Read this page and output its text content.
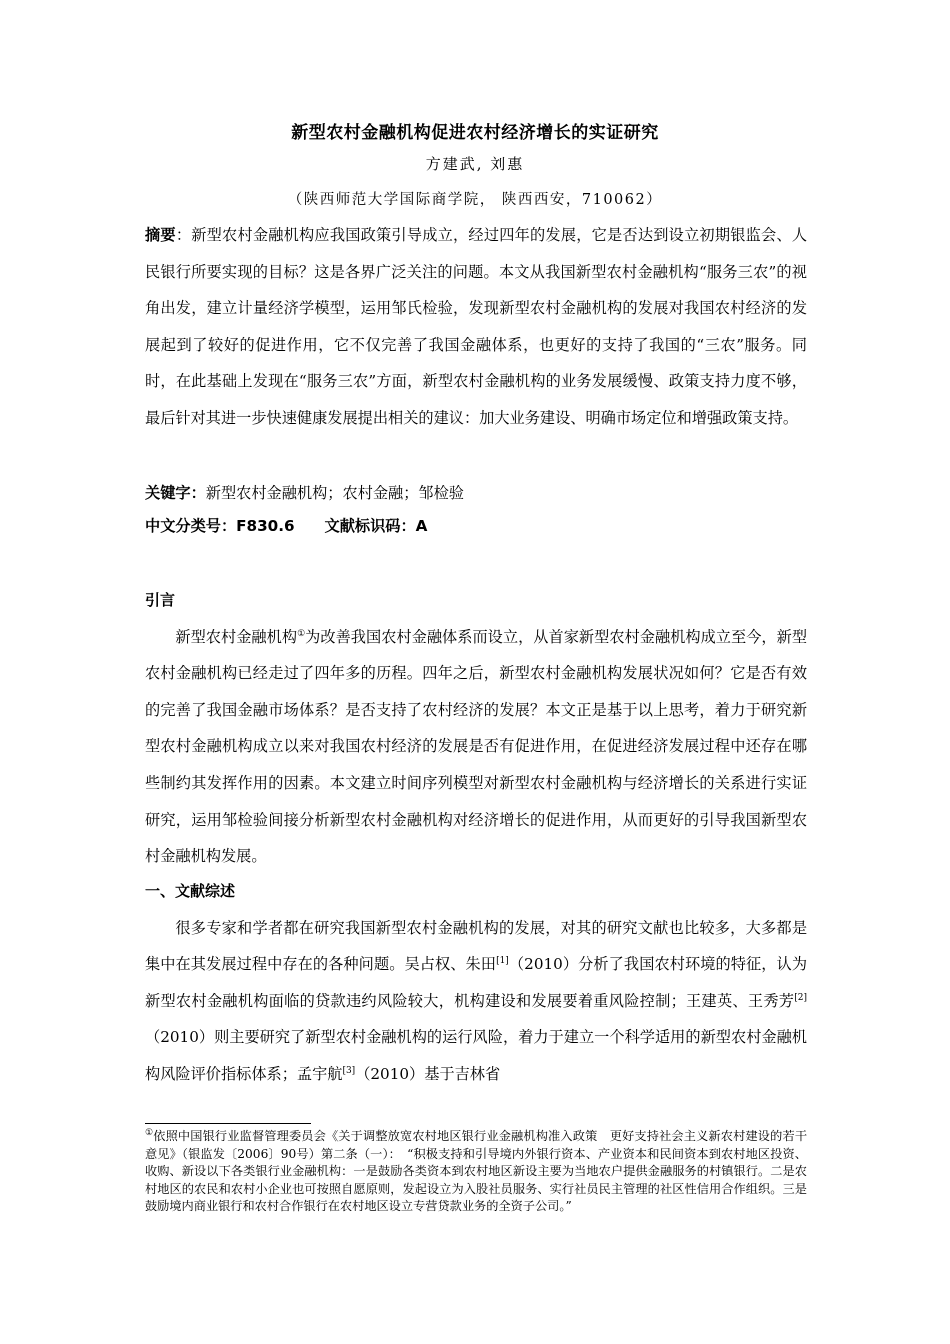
新型农村金融机构促进农村经济增长的实证研究
方建武, 刘惠
（陕西师范大学国际商学院， 陕西西安，710062）

摘要：新型农村金融机构应我国政策引导成立，经过四年的发展，它是否达到设立初期银监会、人民银行所要实现的目标？这是各界广泛关注的问题。本文从我国新型农村金融机构“服务三农”的视角出发，建立计量经济学模型，运用邹氏检验，发现新型农村金融机构的发展对我国农村经济的发展起到了较好的促进作用，它不仅完善了我国金融体系，也更好的支持了我国的“三农”服务。同时，在此基础上发现在“服务三农”方面，新型农村金融机构的业务发展缓慢、政策支持力度不够，最后针对其进一步快速健康发展提出相关的建议：加大业务建设、明确市场定位和增强政策支持。

关键字：新型农村金融机构；农村金融；邹检验

中文分类号：F830.6 文献标识码：A

引言

新型农村金融机构①为改善我国农村金融体系而设立，从首家新型农村金融机构成立至今，新型农村金融机构已经走过了四年多的历程。四年之后，新型农村金融机构发展状况如何？它是否有效的完善了我国金融市场体系？是否支持了农村经济的发展？本文正是基于以上思考，着力于研究新型农村金融机构成立以来对我国农村经济的发展是否有促进作用，在促进经济发展过程中还存在哪些制约其发挥作用的因素。本文建立时间序列模型对新型农村金融机构与经济增长的关系进行实证研究，运用邹检验间接分析新型农村金融机构对经济增长的促进作用，从而更好的引导我国新型农村金融机构发展。

一、文献综述

很多专家和学者都在研究我国新型农村金融机构的发展，对其的研究文献也比较多，大多都是集中在其发展过程中存在的各种问题。吴占权、朱田[1]（2010）分析了我国农村环境的特征，认为新型农村金融机构面临的贷款违约风险较大，机构建设和发展要着重风险控制；王建英、王秀芳[2]（2010）则主要研究了新型农村金融机构的运行风险，着力于建立一个科学适用的新型农村金融机构风险评价指标体系；孟宇航[3]（2010）基于吉林省

①依照中国银行业监督管理委员会《关于调整放宽农村地区银行业金融机构准入政策　更好支持社会主义新农村建设的若干意见》（银监发〔2006〕90号）第二条（一）：　“积极支持和引导境内外银行资本、产业资本和民间资本到农村地区投资、收购、新设以下各类银行业金融机构：一是鼓励各类资本到农村地区新设主要为当地农户提供金融服务的村镇银行。二是农村地区的农民和农村小企业也可按照自愿原则，发起设立为入股社员服务、实行社员民主管理的社区性信用合作组织。三是鼓励境内商业银行和农村合作银行在农村地区设立专营贷款业务的全资子公司。”
